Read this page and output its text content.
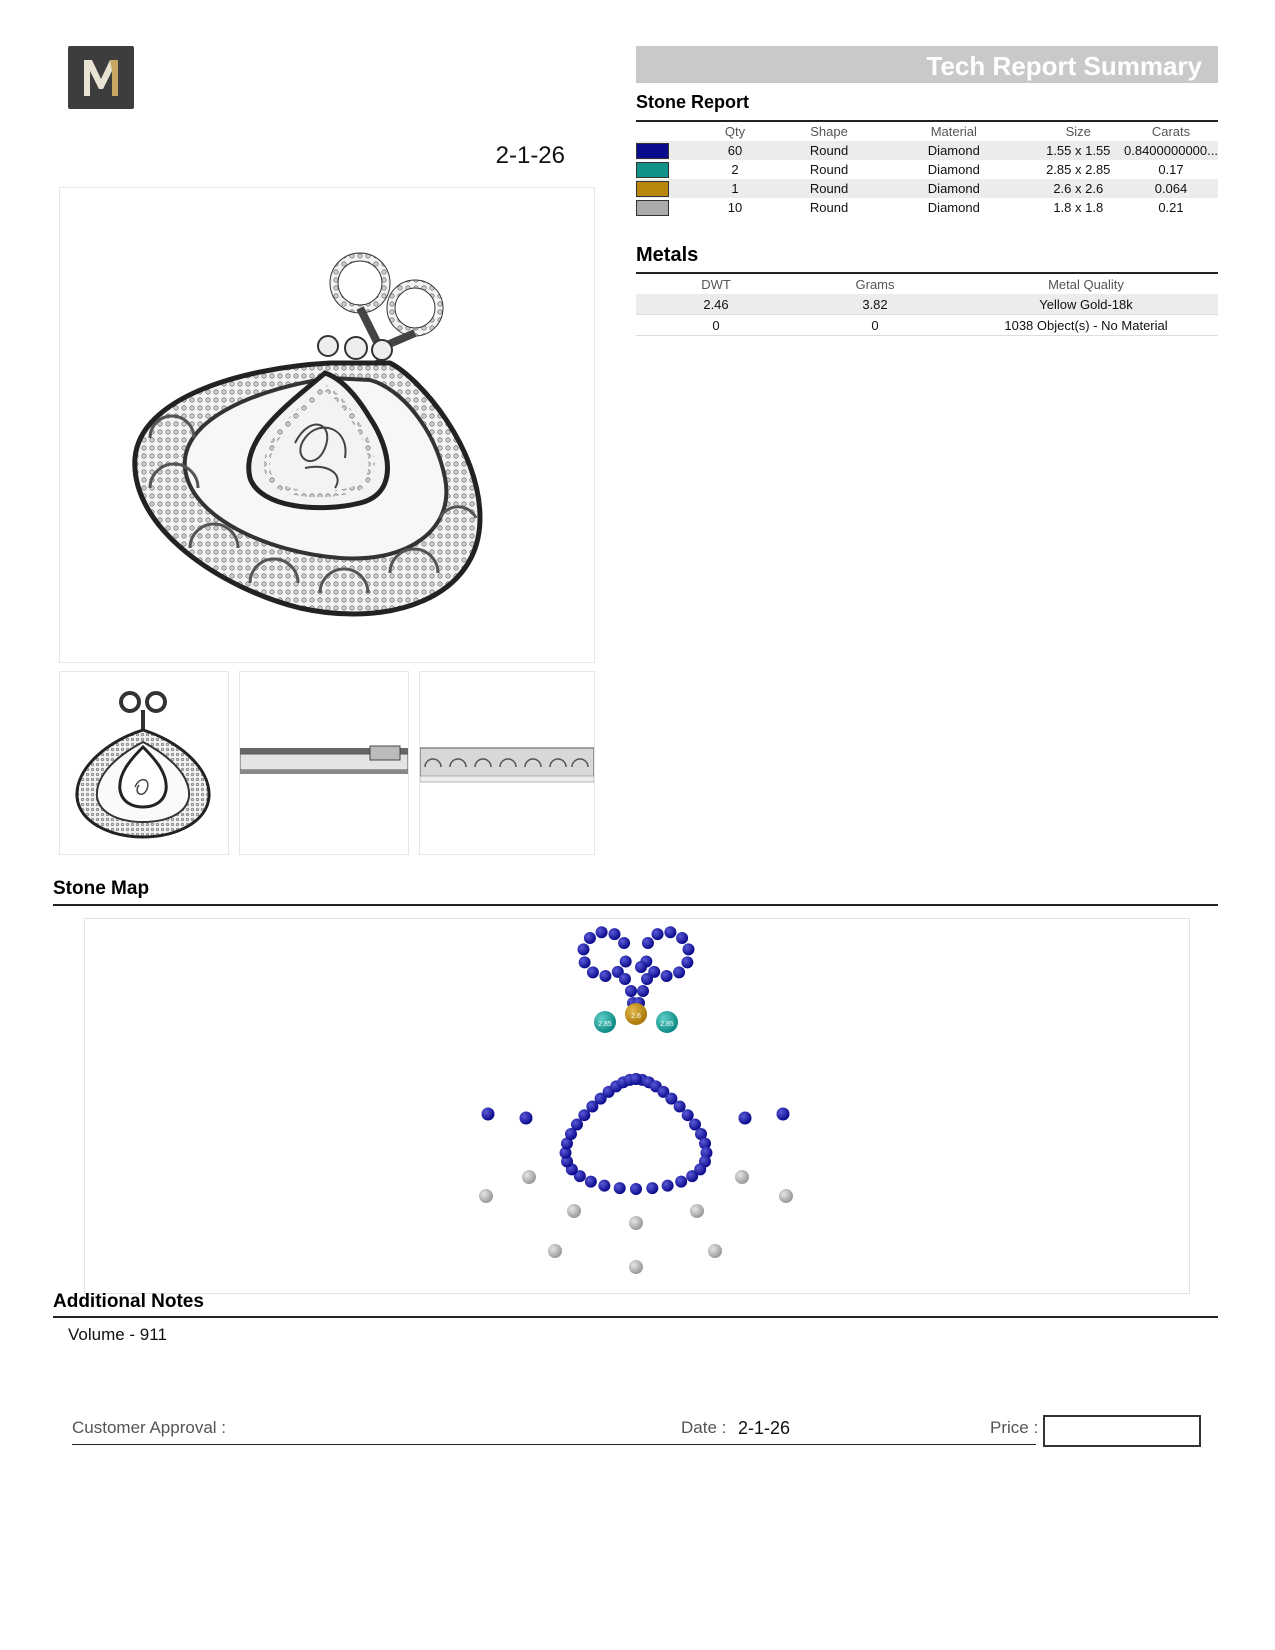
2-1-26
Tech Report Summary
Stone Report
	Qty	Shape	Material	Size	Carats

	60	Round	Diamond	1.55 x 1.55	0.8400000000...

	2	Round	Diamond	2.85 x 2.85	0.17

	1	Round	Diamond	2.6 x 2.6	0.064

	10	Round	Diamond	1.8 x 1.8	0.21
Metals
DWT	Grams	Metal Quality
2.46	3.82	Yellow Gold-18k
0	0	1038 Object(s) - No Material
Stone Map
2.85	2.85
2.6
Additional Notes
Volume - 911
Customer Approval :	Date : 2-1-26	Price :
